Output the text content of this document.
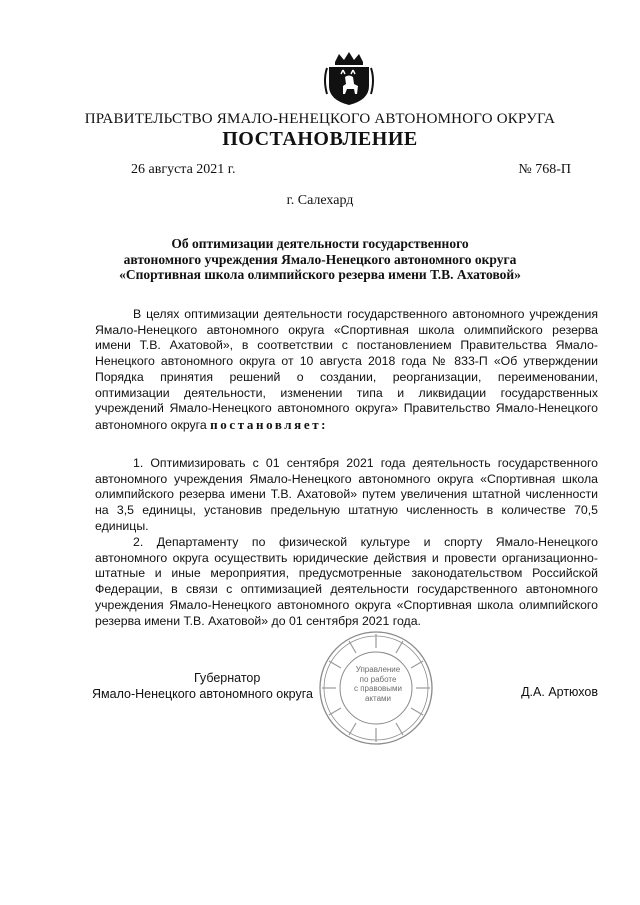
ПРАВИТЕЛЬСТВО ЯМАЛО-НЕНЕЦКОГО АВТОНОМНОГО ОКРУГА
ПОСТАНОВЛЕНИЕ
26 августа 2021 г.	№ 768-П
г. Салехард
Об оптимизации деятельности государственного
автономного учреждения Ямало-Ненецкого автономного округа
«Спортивная школа олимпийского резерва имени Т.В. Ахатовой»
В целях оптимизации деятельности государственного автономного учреждения Ямало-Ненецкого автономного округа «Спортивная школа олимпийского резерва имени Т.В. Ахатовой», в соответствии с постановлением Правительства Ямало-Ненецкого автономного округа от 10 августа 2018 года № 833-П «Об утверждении Порядка принятия решений о создании, реорганизации, переименовании, оптимизации деятельности, изменении типа и ликвидации государственных учреждений Ямало-Ненецкого автономного округа» Правительство Ямало-Ненецкого автономного округа постановляет:
1. Оптимизировать с 01 сентября 2021 года деятельность государственного автономного учреждения Ямало-Ненецкого автономного округа «Спортивная школа олимпийского резерва имени Т.В. Ахатовой» путем увеличения штатной численности на 3,5 единицы, установив предельную штатную численность в количестве 70,5 единицы.
2. Департаменту по физической культуре и спорту Ямало-Ненецкого автономного округа осуществить юридические действия и провести организационно-штатные и иные мероприятия, предусмотренные законодательством Российской Федерации, в связи с оптимизацией деятельности государственного автономного учреждения Ямало-Ненецкого автономного округа «Спортивная школа олимпийского резерва имени Т.В. Ахатовой» до 01 сентября 2021 года.
Губернатор
Ямало-Ненецкого автономного округа	Д.А. Артюхов
Управление
по работе
с правовыми
актами
